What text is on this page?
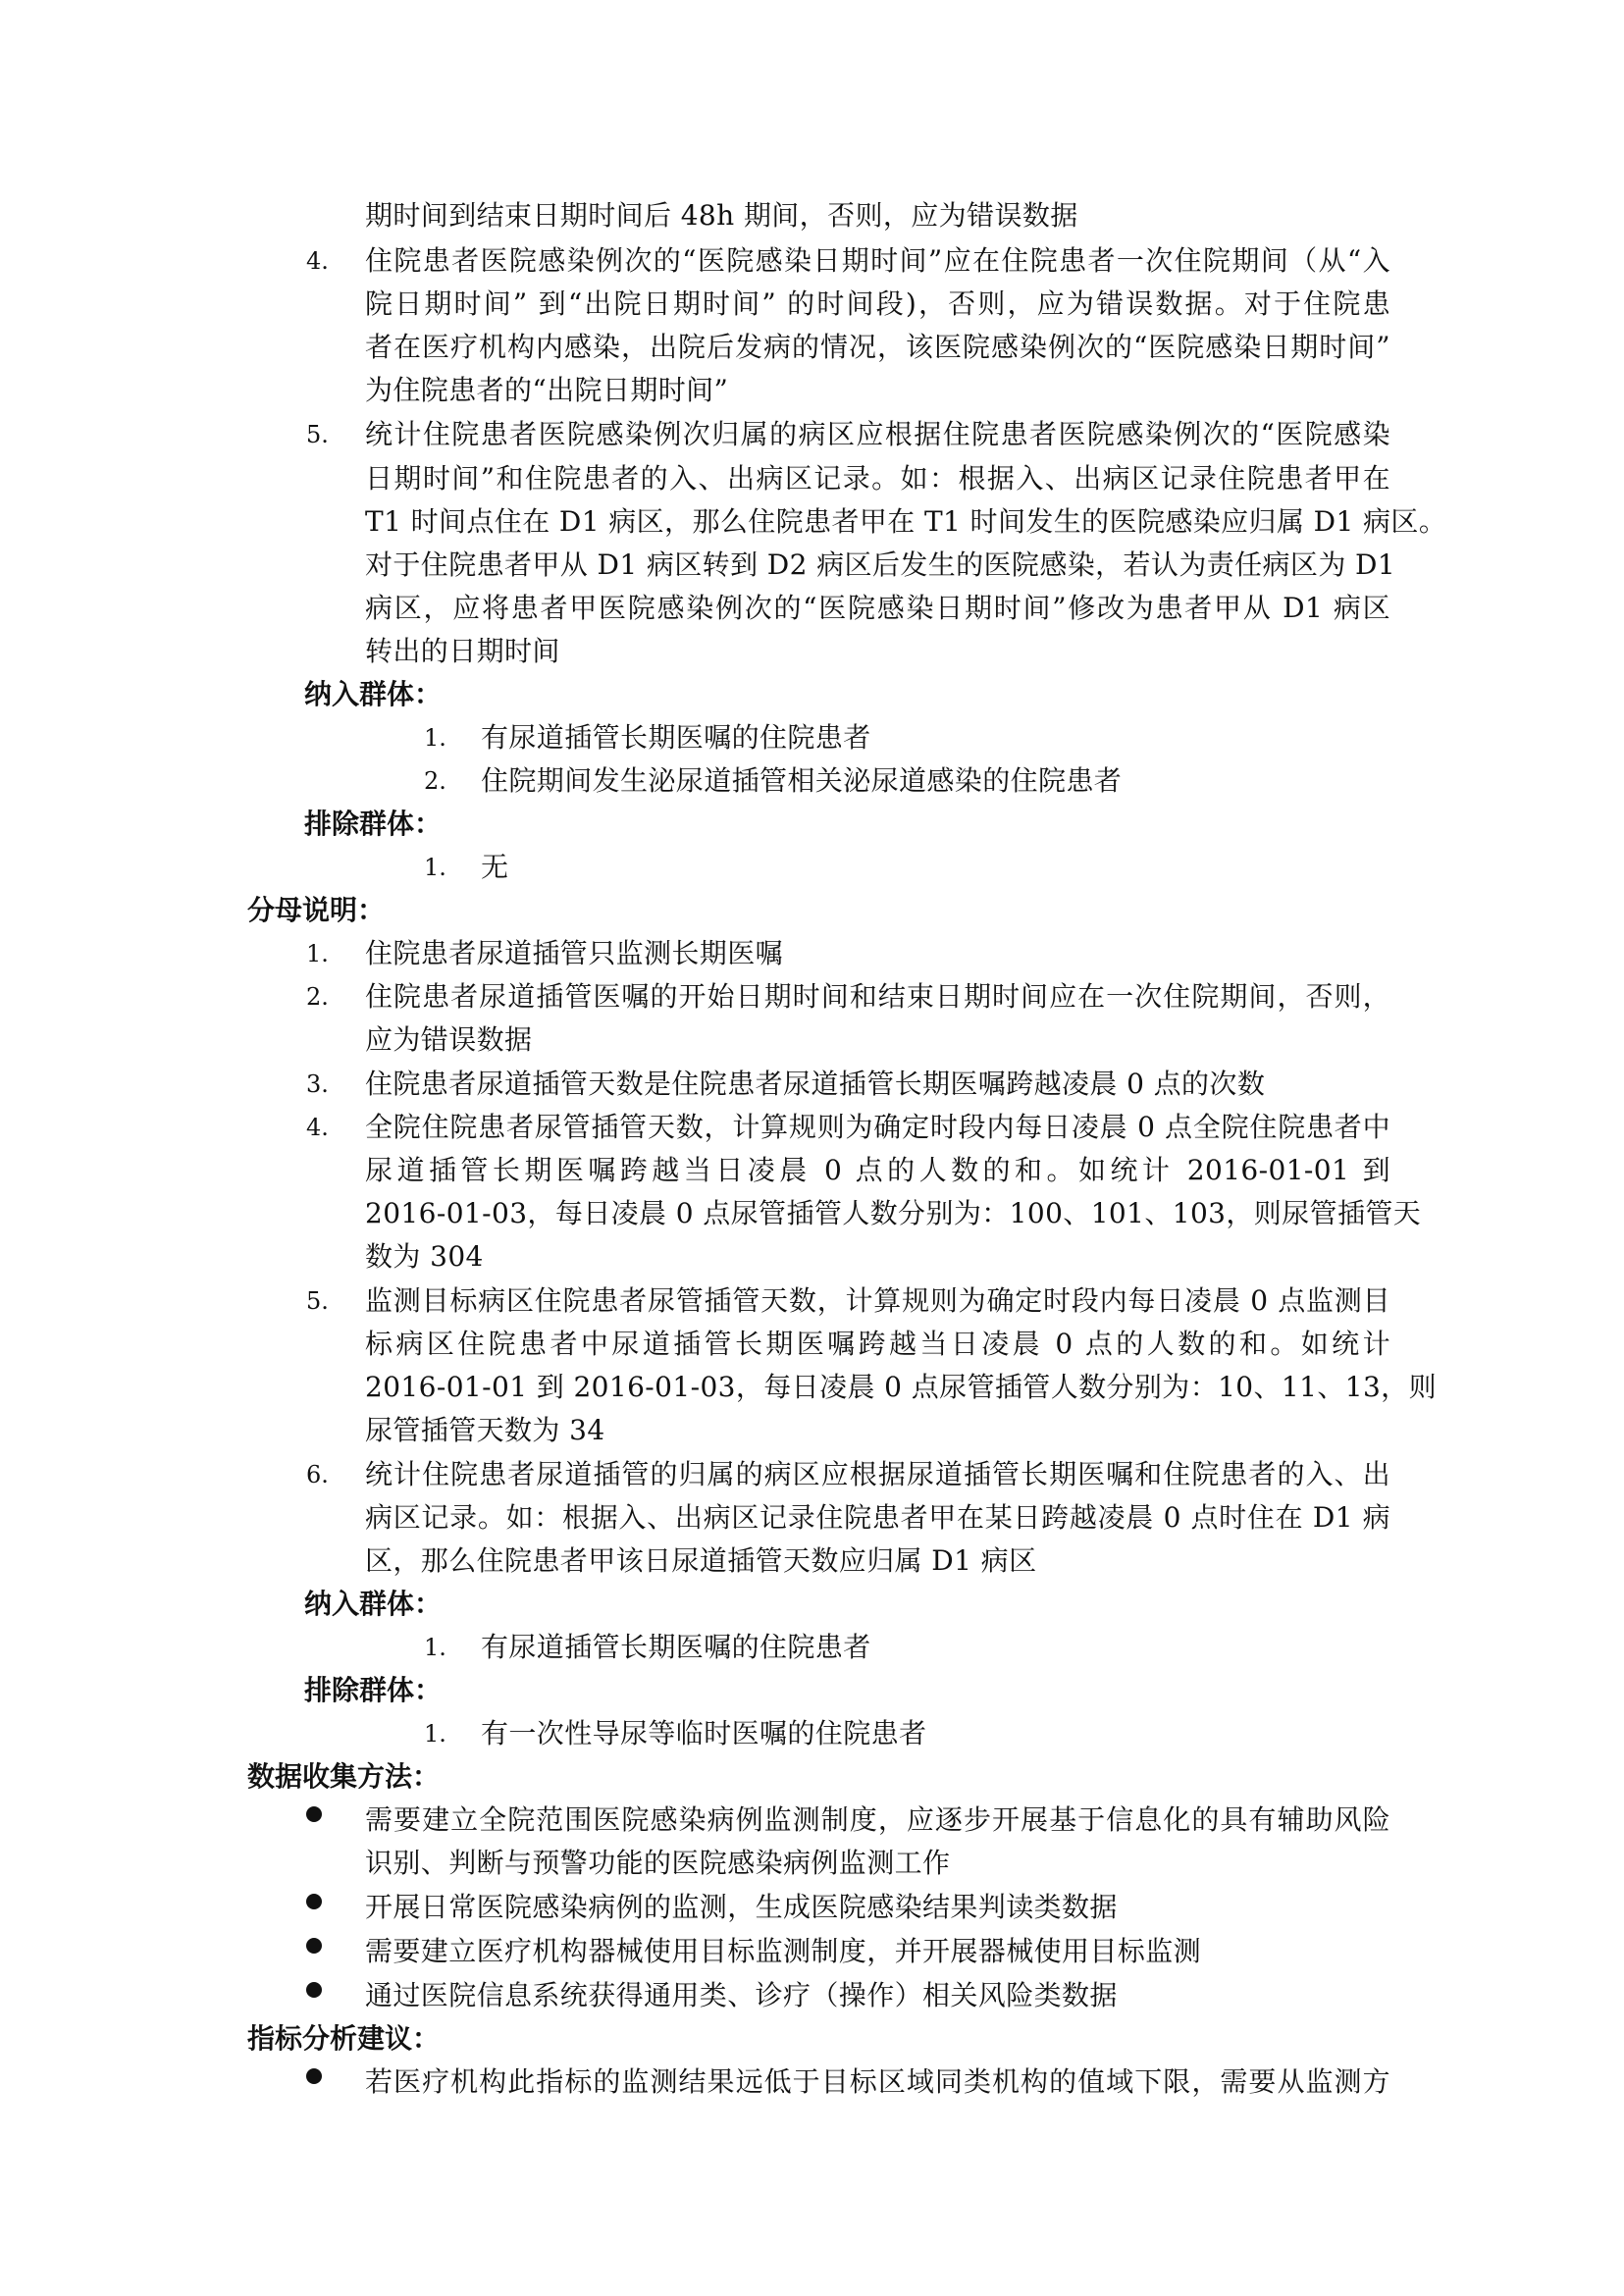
期时间到结束日期时间后 48h 期间，否则，应为错误数据
4. 住院患者医院感染例次的“医院感染日期时间”应在住院患者一次住院期间（从“入
院日期时间” 到“出院日期时间” 的时间段)，否则，应为错误数据。对于住院患
者在医疗机构内感染，出院后发病的情况，该医院感染例次的“医院感染日期时间”
为住院患者的“出院日期时间”
5. 统计住院患者医院感染例次归属的病区应根据住院患者医院感染例次的“医院感染
日期时间”和住院患者的入、出病区记录。如：根据入、出病区记录住院患者甲在
T1 时间点住在 D1 病区，那么住院患者甲在 T1 时间发生的医院感染应归属 D1 病区。
对于住院患者甲从 D1 病区转到 D2 病区后发生的医院感染，若认为责任病区为 D1
病区，应将患者甲医院感染例次的“医院感染日期时间”修改为患者甲从 D1 病区
转出的日期时间
纳入群体：
1. 有尿道插管长期医嘱的住院患者
2. 住院期间发生泌尿道插管相关泌尿道感染的住院患者
排除群体：
1. 无
分母说明：
1. 住院患者尿道插管只监测长期医嘱
2. 住院患者尿道插管医嘱的开始日期时间和结束日期时间应在一次住院期间，否则，
应为错误数据
3. 住院患者尿道插管天数是住院患者尿道插管长期医嘱跨越凌晨 0 点的次数
4. 全院住院患者尿管插管天数，计算规则为确定时段内每日凌晨 0 点全院住院患者中
尿道插管长期医嘱跨越当日凌晨 0 点的人数的和。如统计 2016-01-01 到
2016-01-03，每日凌晨 0 点尿管插管人数分别为：100、101、103，则尿管插管天
数为 304
5. 监测目标病区住院患者尿管插管天数，计算规则为确定时段内每日凌晨 0 点监测目
标病区住院患者中尿道插管长期医嘱跨越当日凌晨 0 点的人数的和。如统计
2016-01-01 到 2016-01-03，每日凌晨 0 点尿管插管人数分别为：10、11、13，则
尿管插管天数为 34
6. 统计住院患者尿道插管的归属的病区应根据尿道插管长期医嘱和住院患者的入、出
病区记录。如：根据入、出病区记录住院患者甲在某日跨越凌晨 0 点时住在 D1 病
区，那么住院患者甲该日尿道插管天数应归属 D1 病区
纳入群体：
1. 有尿道插管长期医嘱的住院患者
排除群体：
1. 有一次性导尿等临时医嘱的住院患者
数据收集方法：
需要建立全院范围医院感染病例监测制度，应逐步开展基于信息化的具有辅助风险
识别、判断与预警功能的医院感染病例监测工作
开展日常医院感染病例的监测，生成医院感染结果判读类数据
需要建立医疗机构器械使用目标监测制度，并开展器械使用目标监测
通过医院信息系统获得通用类、诊疗（操作）相关风险类数据
指标分析建议：
若医疗机构此指标的监测结果远低于目标区域同类机构的值域下限，需要从监测方
